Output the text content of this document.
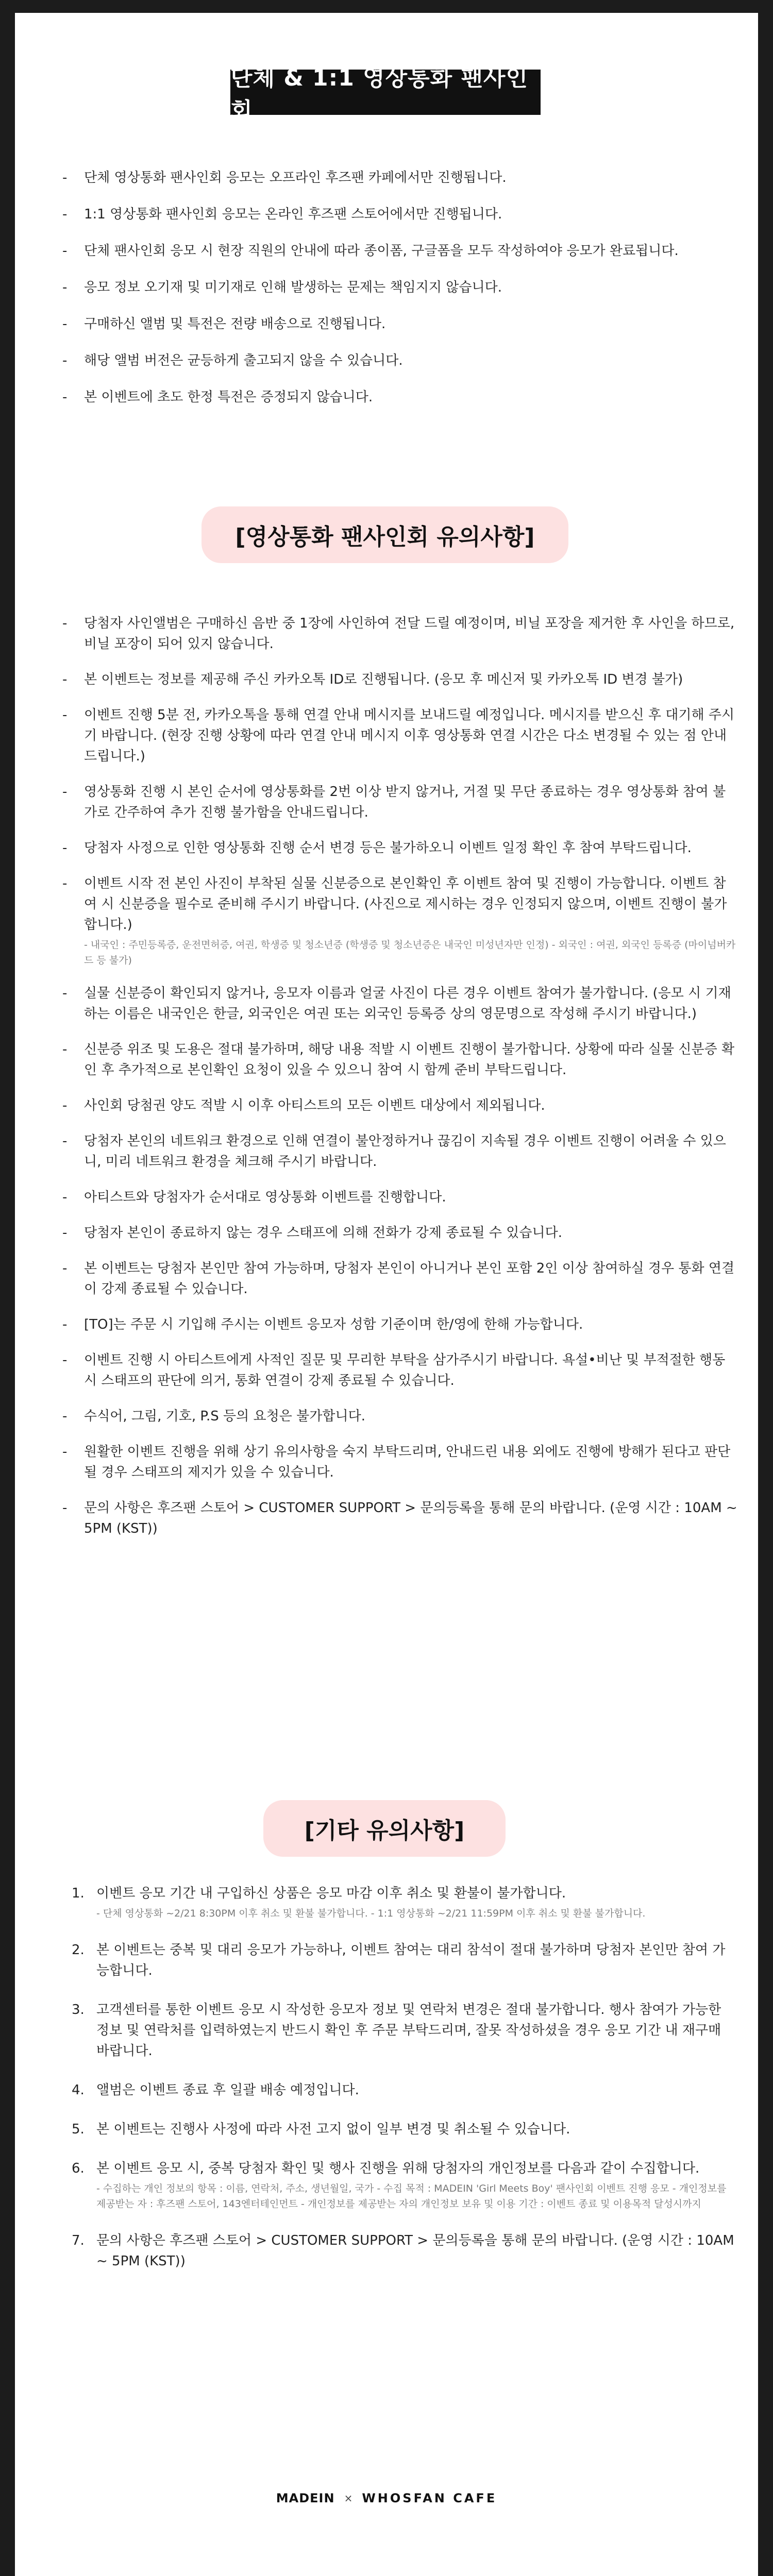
단체 & 1:1 영상통화 팬사인회
-	단체 영상통화 팬사인회 응모는 오프라인 후즈팬 카페에서만 진행됩니다.
-	1:1 영상통화 팬사인회 응모는 온라인 후즈팬 스토어에서만 진행됩니다.
-	단체 팬사인회 응모 시 현장 직원의 안내에 따라 종이폼, 구글폼을 모두 작성하여야 응모가 완료됩니다.
-	응모 정보 오기재 및 미기재로 인해 발생하는 문제는 책임지지 않습니다.
-	구매하신 앨범 및 특전은 전량 배송으로 진행됩니다.
-	해당 앨범 버전은 균등하게 출고되지 않을 수 있습니다.
-	본 이벤트에 초도 한정 특전은 증정되지 않습니다.
[영상통화 팬사인회 유의사항]
-	당첨자 사인앨범은 구매하신 음반 중 1장에 사인하여 전달 드릴 예정이며, 비닐 포장을 제거한 후 사인을 하므로, 비닐 포장이 되어 있지 않습니다.
-	본 이벤트는 정보를 제공해 주신 카카오톡 ID로 진행됩니다. (응모 후 메신저 및 카카오톡 ID 변경 불가)
-	이벤트 진행 5분 전, 카카오톡을 통해 연결 안내 메시지를 보내드릴 예정입니다. 메시지를 받으신 후 대기해 주시기 바랍니다. (현장 진행 상황에 따라 연결 안내 메시지 이후 영상통화 연결 시간은 다소 변경될 수 있는 점 안내 드립니다.)
-	영상통화 진행 시 본인 순서에 영상통화를 2번 이상 받지 않거나, 거절 및 무단 종료하는 경우 영상통화 참여 불가로 간주하여 추가 진행 불가함을 안내드립니다.
-	당첨자 사정으로 인한 영상통화 진행 순서 변경 등은 불가하오니 이벤트 일정 확인 후 참여 부탁드립니다.
-	이벤트 시작 전 본인 사진이 부착된 실물 신분증으로 본인확인 후 이벤트 참여 및 진행이 가능합니다. 이벤트 참여 시 신분증을 필수로 준비해 주시기 바랍니다. (사진으로 제시하는 경우 인정되지 않으며, 이벤트 진행이 불가합니다.)
- 내국인 : 주민등록증, 운전면허증, 여권, 학생증 및 청소년증 (학생증 및 청소년증은 내국인 미성년자만 인정) - 외국인 : 여권, 외국인 등록증 (마이넘버카드 등 불가)
-	실물 신분증이 확인되지 않거나, 응모자 이름과 얼굴 사진이 다른 경우 이벤트 참여가 불가합니다. (응모 시 기재하는 이름은 내국인은 한글, 외국인은 여권 또는 외국인 등록증 상의 영문명으로 작성해 주시기 바랍니다.)
-	신분증 위조 및 도용은 절대 불가하며, 해당 내용 적발 시 이벤트 진행이 불가합니다. 상황에 따라 실물 신분증 확인 후 추가적으로 본인확인 요청이 있을 수 있으니 참여 시 함께 준비 부탁드립니다.
-	사인회 당첨권 양도 적발 시 이후 아티스트의 모든 이벤트 대상에서 제외됩니다.
-	당첨자 본인의 네트워크 환경으로 인해 연결이 불안정하거나 끊김이 지속될 경우 이벤트 진행이 어려울 수 있으니, 미리 네트워크 환경을 체크해 주시기 바랍니다.
-	아티스트와 당첨자가 순서대로 영상통화 이벤트를 진행합니다.
-	당첨자 본인이 종료하지 않는 경우 스태프에 의해 전화가 강제 종료될 수 있습니다.
-	본 이벤트는 당첨자 본인만 참여 가능하며, 당첨자 본인이 아니거나 본인 포함 2인 이상 참여하실 경우 통화 연결이 강제 종료될 수 있습니다.
-	[TO]는 주문 시 기입해 주시는 이벤트 응모자 성함 기준이며 한/영에 한해 가능합니다.
-	이벤트 진행 시 아티스트에게 사적인 질문 및 무리한 부탁을 삼가주시기 바랍니다. 욕설•비난 및 부적절한 행동 시 스태프의 판단에 의거, 통화 연결이 강제 종료될 수 있습니다.
-	수식어, 그림, 기호, P.S 등의 요청은 불가합니다.
-	원활한 이벤트 진행을 위해 상기 유의사항을 숙지 부탁드리며, 안내드린 내용 외에도 진행에 방해가 된다고 판단될 경우 스태프의 제지가 있을 수 있습니다.
-	문의 사항은 후즈팬 스토어 > CUSTOMER SUPPORT > 문의등록을 통해 문의 바랍니다. (운영 시간 : 10AM ~ 5PM (KST))
[기타 유의사항]
1. 이벤트 응모 기간 내 구입하신 상품은 응모 마감 이후 취소 및 환불이 불가합니다.
- 단체 영상통화 ~2/21 8:30PM 이후 취소 및 환불 불가합니다. - 1:1 영상통화 ~2/21 11:59PM 이후 취소 및 환불 불가합니다.
2. 본 이벤트는 중복 및 대리 응모가 가능하나, 이벤트 참여는 대리 참석이 절대 불가하며 당첨자 본인만 참여 가능합니다.
3. 고객센터를 통한 이벤트 응모 시 작성한 응모자 정보 및 연락처 변경은 절대 불가합니다. 행사 참여가 가능한 정보 및 연락처를 입력하였는지 반드시 확인 후 주문 부탁드리며, 잘못 작성하셨을 경우 응모 기간 내 재구매 바랍니다.
4. 앨범은 이벤트 종료 후 일괄 배송 예정입니다.
5. 본 이벤트는 진행사 사정에 따라 사전 고지 없이 일부 변경 및 취소될 수 있습니다.
6. 본 이벤트 응모 시, 중복 당첨자 확인 및 행사 진행을 위해 당첨자의 개인정보를 다음과 같이 수집합니다.
- 수집하는 개인 정보의 항목 : 이름, 연락처, 주소, 생년월일, 국가 - 수집 목적 : MADEIN 'Girl Meets Boy' 팬사인회 이벤트 진행 응모 - 개인정보를 제공받는 자 : 후즈팬 스토어, 143엔터테인먼트 - 개인정보를 제공받는 자의 개인정보 보유 및 이용 기간 : 이벤트 종료 및 이용목적 달성시까지
7. 문의 사항은 후즈팬 스토어 > CUSTOMER SUPPORT > 문의등록을 통해 문의 바랍니다. (운영 시간 : 10AM ~ 5PM (KST))
MADEIN × WHOSFAN CAFE
